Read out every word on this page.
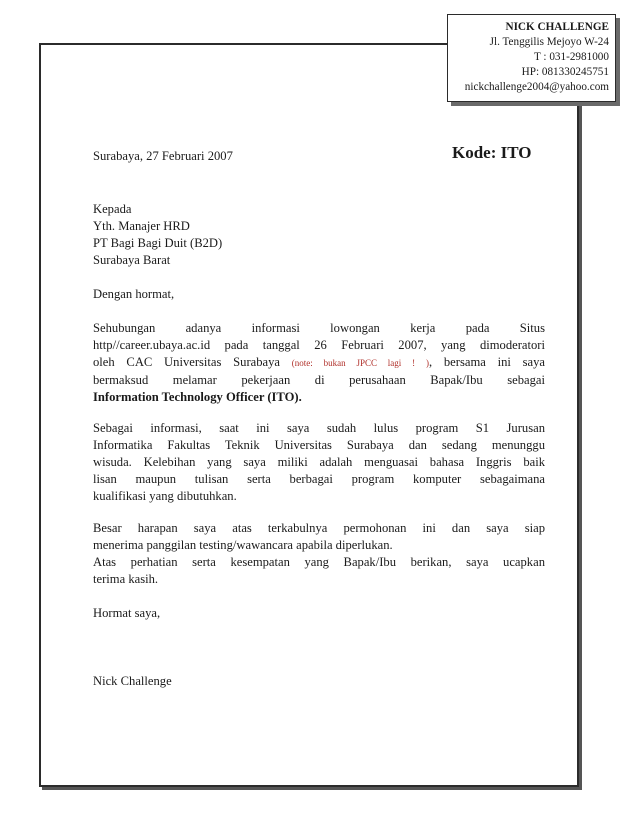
NICK CHALLENGE
Jl. Tenggilis Mejoyo W-24
T : 031-2981000
HP: 081330245751
nickchallenge2004@yahoo.com
Surabaya, 27 Februari 2007	Kode: ITO
Kepada
Yth. Manajer HRD
PT Bagi Bagi Duit (B2D)
Surabaya Barat
Dengan hormat,
Sehubungan adanya informasi lowongan kerja pada Situs
http//career.ubaya.ac.id pada tanggal 26 Februari 2007, yang dimoderatori
oleh CAC Universitas Surabaya (note: bukan JPCC lagi ! ), bersama ini saya
bermaksud melamar pekerjaan di perusahaan Bapak/Ibu sebagai
Information Technology Officer (ITO).
Sebagai informasi, saat ini saya sudah lulus program S1 Jurusan
Informatika Fakultas Teknik Universitas Surabaya dan sedang menunggu
wisuda. Kelebihan yang saya miliki adalah menguasai bahasa Inggris baik
lisan maupun tulisan serta berbagai program komputer sebagaimana
kualifikasi yang dibutuhkan.
Besar harapan saya atas terkabulnya permohonan ini dan saya siap
menerima panggilan testing/wawancara apabila diperlukan.
Atas perhatian serta kesempatan yang Bapak/Ibu berikan, saya ucapkan
terima kasih.
Hormat saya,
Nick Challenge
